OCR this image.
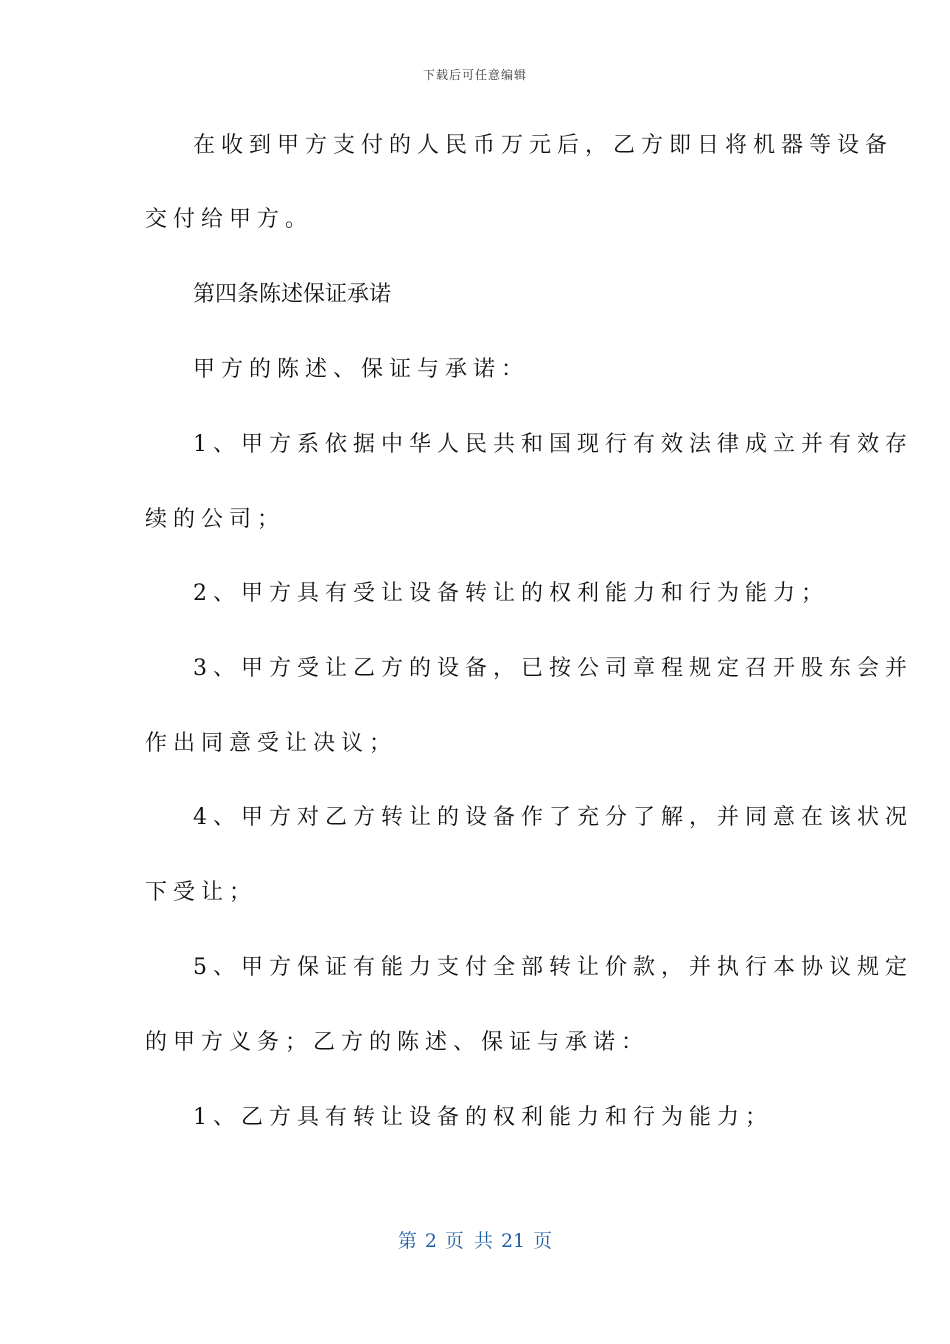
下载后可任意编辑
在收到甲方支付的人民币万元后，乙方即日将机器等设备
交付给甲方。
第四条陈述保证承诺
甲方的陈述、保证与承诺：
1、甲方系依据中华人民共和国现行有效法律成立并有效存
续的公司；
2、甲方具有受让设备转让的权利能力和行为能力；
3、甲方受让乙方的设备，已按公司章程规定召开股东会并
作出同意受让决议；
4、甲方对乙方转让的设备作了充分了解，并同意在该状况
下受让；
5、甲方保证有能力支付全部转让价款，并执行本协议规定
的甲方义务；乙方的陈述、保证与承诺：
1、乙方具有转让设备的权利能力和行为能力；
第 2 页 共 21 页
